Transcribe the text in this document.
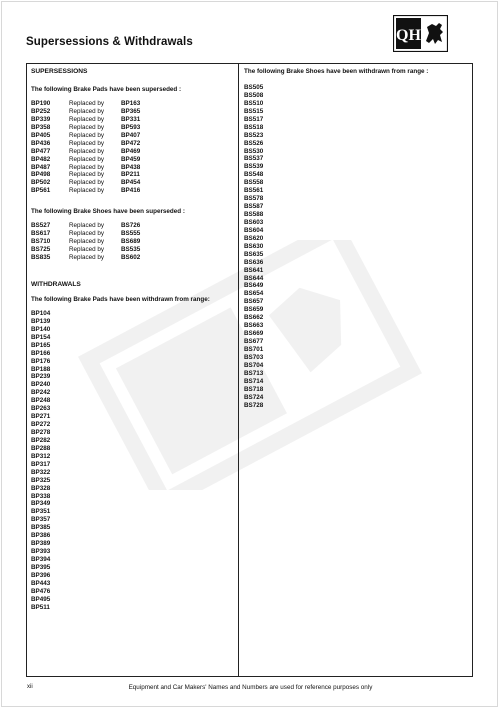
Supersessions & Withdrawals	QH
SUPERSESSIONS
The following Brake Pads have been superseded :
BP190	Replaced by	BP163
BP252	Replaced by	BP365
BP339	Replaced by	BP331
BP358	Replaced by	BP593
BP405	Replaced by	BP407
BP436	Replaced by	BP472
BP477	Replaced by	BP469
BP482	Replaced by	BP459
BP487	Replaced by	BP438
BP498	Replaced by	BP211
BP502	Replaced by	BP454
BP561	Replaced by	BP416
The following Brake Shoes have been superseded :
BS527	Replaced by	BS726
BS617	Replaced by	BS555
BS710	Replaced by	BS689
BS725	Replaced by	BS535
BS835	Replaced by	BS602
WITHDRAWALS
The following Brake Pads have been withdrawn from range:
BP104
BP139
BP140
BP154
BP165
BP166
BP176
BP188
BP239
BP240
BP242
BP248
BP263
BP271
BP272
BP278
BP282
BP288
BP312
BP317
BP322
BP325
BP328
BP338
BP349
BP351
BP357
BP385
BP386
BP389
BP393
BP394
BP395
BP396
BP443
BP476
BP495
BP511
The following Brake Shoes have been withdrawn from range :
BS505
BS508
BS510
BS515
BS517
BS518
BS523
BS526
BS530
BS537
BS539
BS548
BS558
BS561
BS578
BS587
BS588
BS603
BS604
BS620
BS630
BS635
BS636
BS641
BS644
BS649
BS654
BS657
BS659
BS662
BS663
BS669
BS677
BS701
BS703
BS704
BS713
BS714
BS718
BS724
BS728
xii	Equipment and Car Makers' Names and Numbers are used for reference purposes only
